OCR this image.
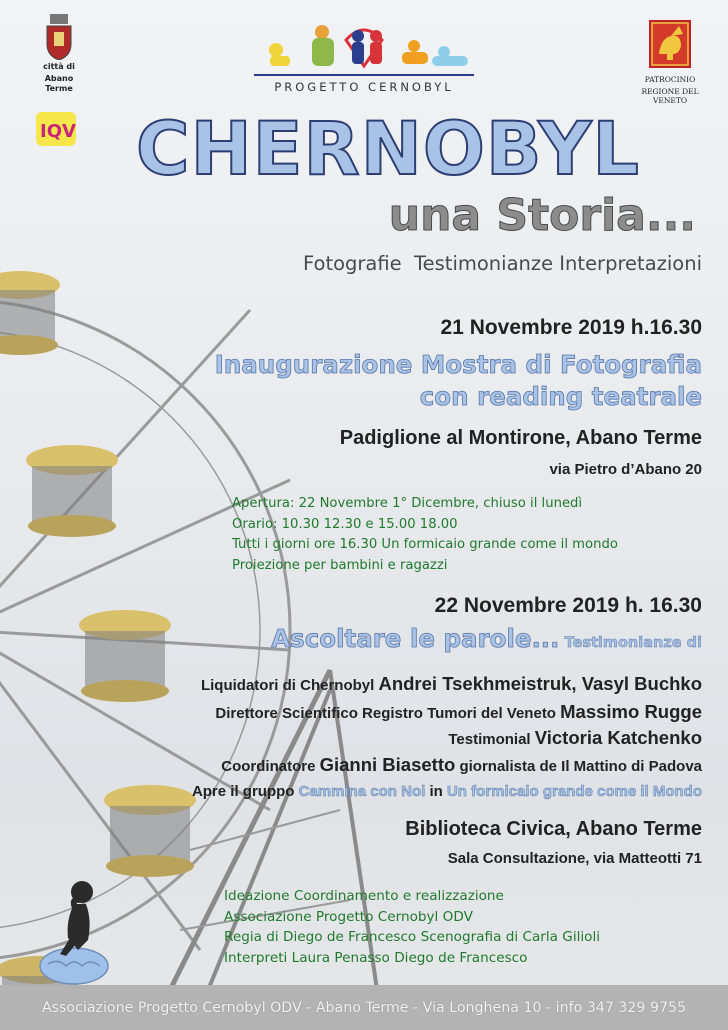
città di
Abano Terme
IQV
PROGETTO CERNOBYL
PATROCINIO
REGIONE DEL VENETO
CHERNOBYL
una Storia...
Fotografie  Testimonianze Interpretazioni
21 Novembre 2019 h.16.30
Inaugurazione Mostra di Fotografia
con reading teatrale
Padiglione al Montirone, Abano Terme
via Pietro d’Abano 20
Apertura: 22 Novembre 1° Dicembre, chiuso il lunedì
Orario: 10.30 12.30 e 15.00 18.00
Tutti i giorni ore 16.30 Un formicaio grande come il mondo
Proiezione per bambini e ragazzi
22 Novembre 2019 h. 16.30
Ascoltare le parole... Testimonianze di
Liquidatori di Chernobyl Andrei Tsekhmeistruk, Vasyl Buchko
Direttore Scientifico Registro Tumori del Veneto Massimo Rugge
Testimonial Victoria Katchenko
Coordinatore Gianni Biasetto giornalista de Il Mattino di Padova
Apre il gruppo Cammina con Noi in Un formicaio grande come il Mondo
Biblioteca Civica, Abano Terme
Sala Consultazione, via Matteotti 71
Ideazione Coordinamento e realizzazione
Associazione Progetto Cernobyl ODV
Regia di Diego de Francesco Scenografia di Carla Gilioli
Interpreti Laura Penasso Diego de Francesco
Associazione Progetto Cernobyl ODV - Abano Terme - Via Longhena 10 - info 347 329 9755
